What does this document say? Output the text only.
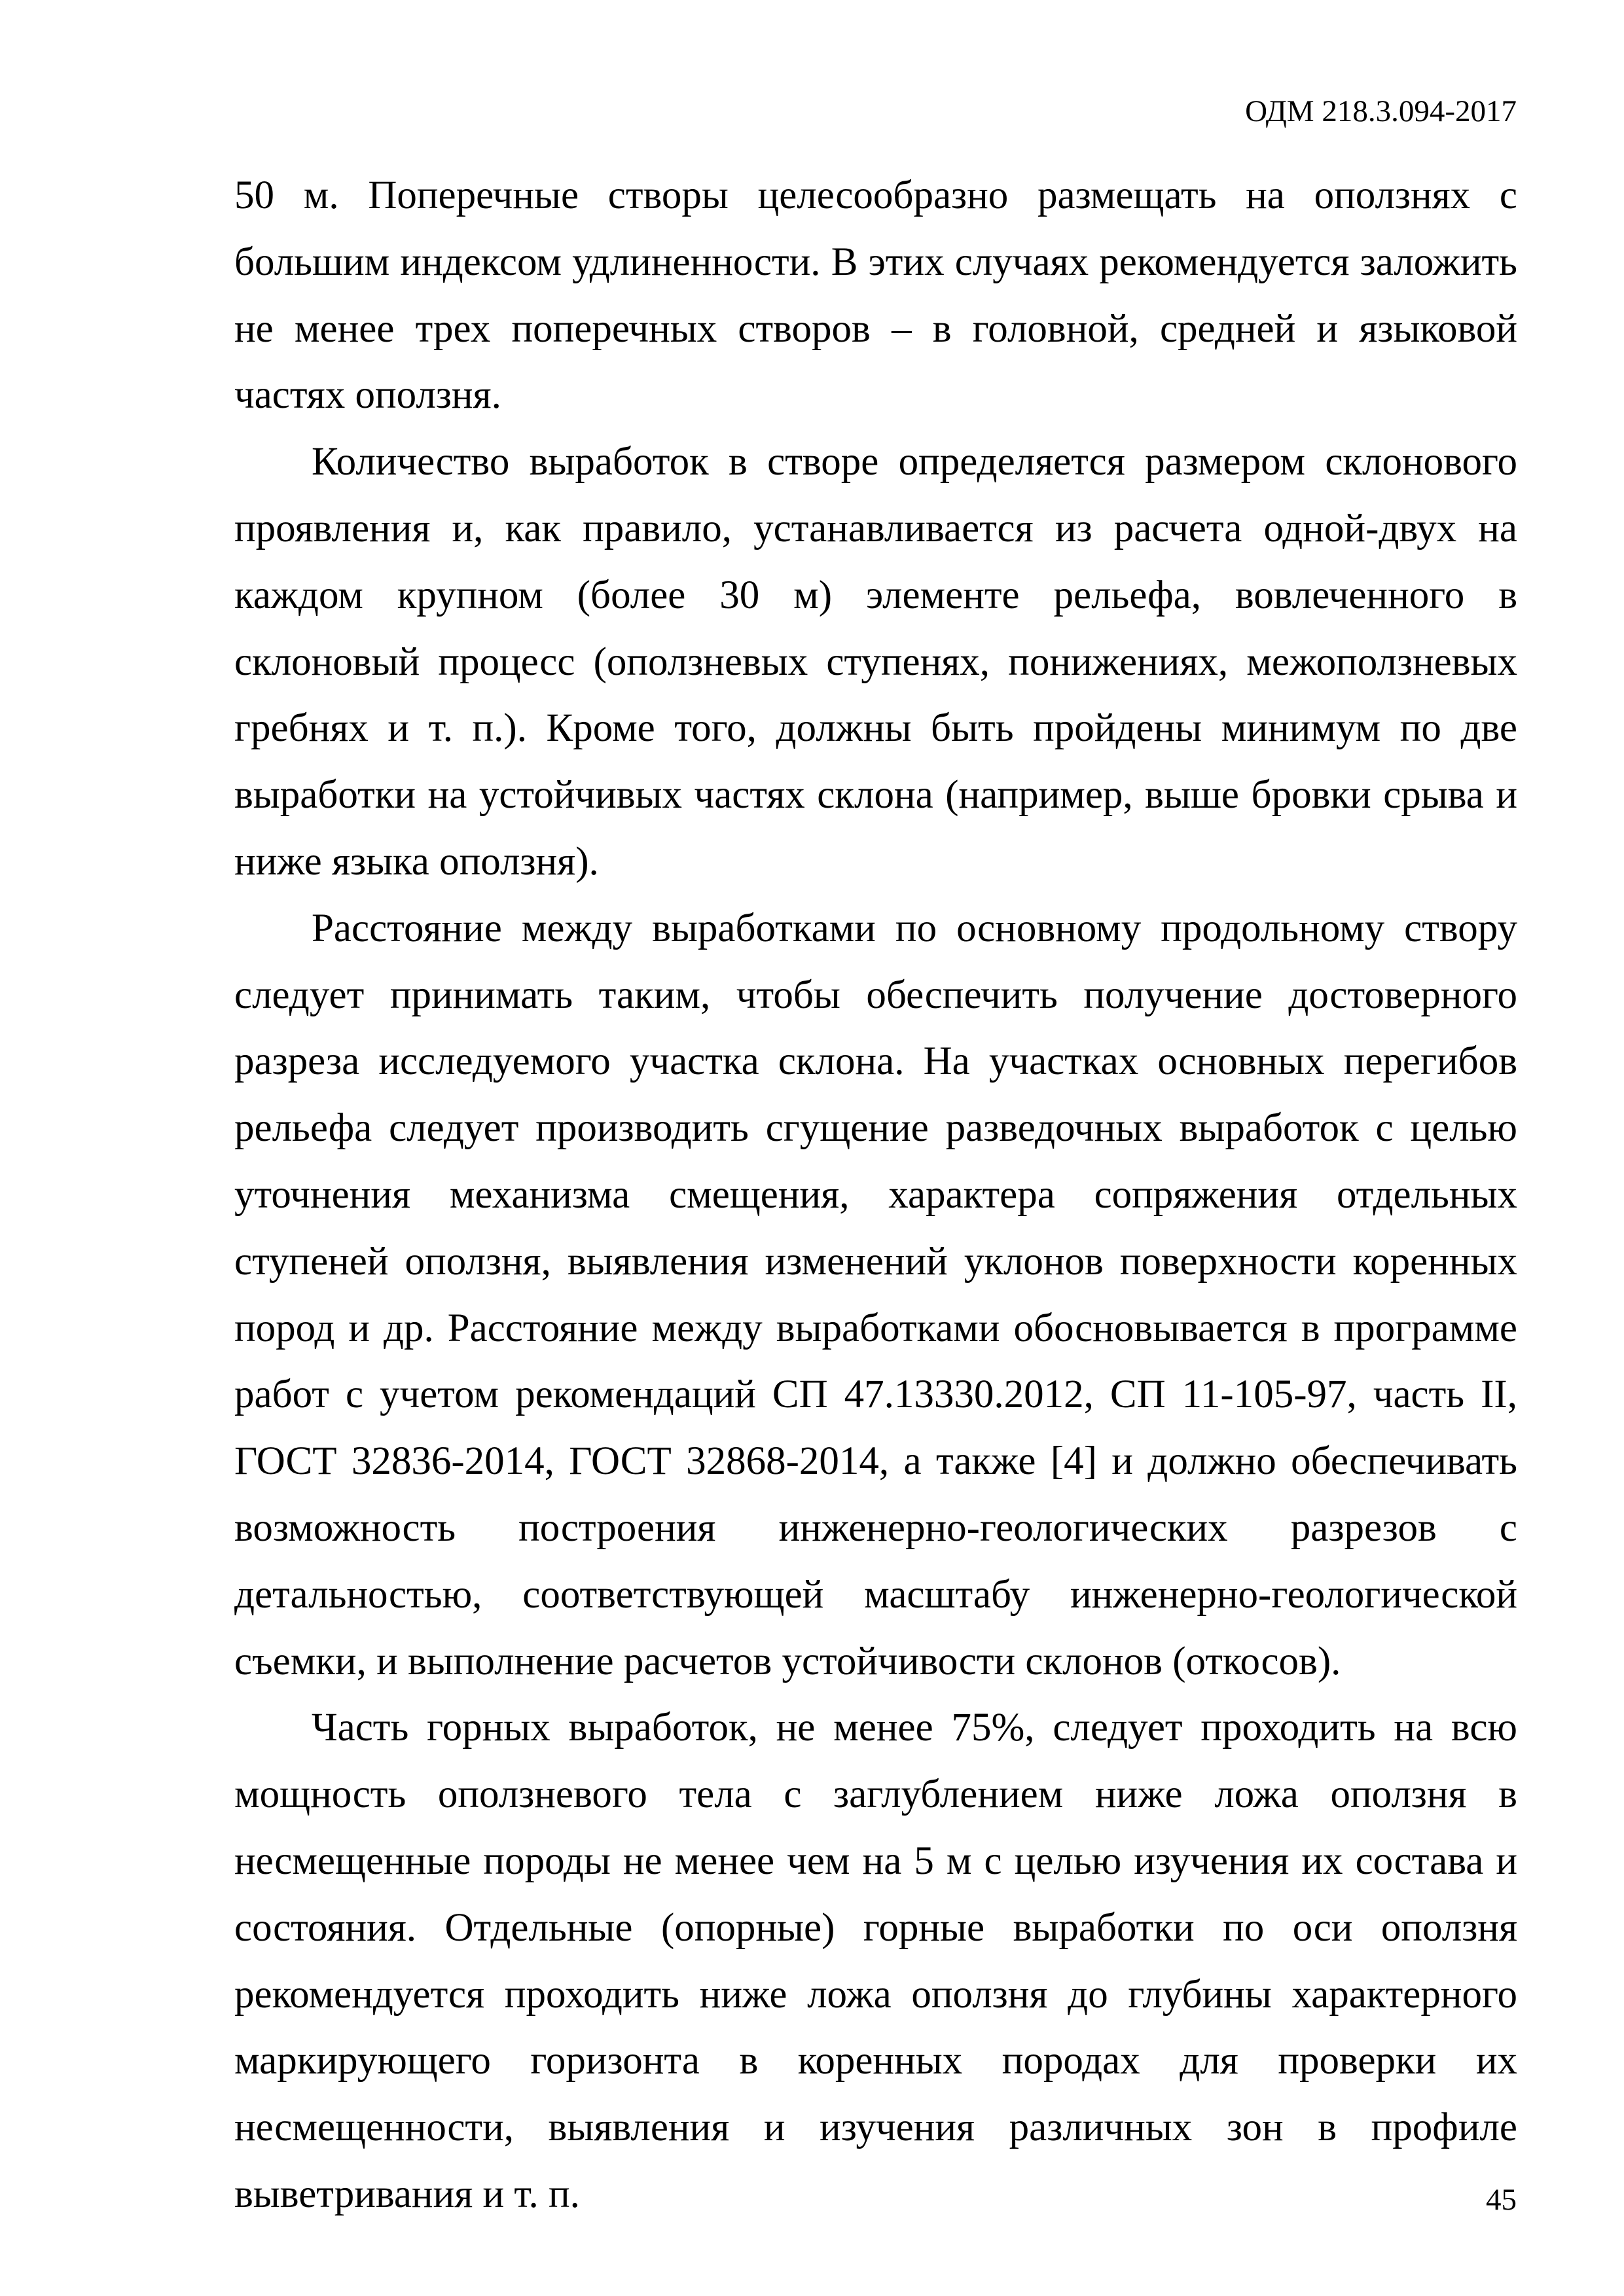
ОДМ 218.3.094-2017

50 м. Поперечные створы целесообразно размещать на оползнях с большим индексом удлиненности. В этих случаях рекомендуется заложить не менее трех поперечных створов – в головной, средней и языковой частях оползня.

Количество выработок в створе определяется размером склонового проявления и, как правило, устанавливается из расчета одной-двух на каждом крупном (более 30 м) элементе рельефа, вовлеченного в склоновый процесс (оползневых ступенях, понижениях, межоползневых гребнях и т. п.). Кроме того, должны быть пройдены минимум по две выработки на устойчивых частях склона (например, выше бровки срыва и ниже языка оползня).

Расстояние между выработками по основному продольному створу следует принимать таким, чтобы обеспечить получение достоверного разреза исследуемого участка склона. На участках основных перегибов рельефа следует производить сгущение разведочных выработок с целью уточнения механизма смещения, характера сопряжения отдельных ступеней оползня, выявления изменений уклонов поверхности коренных пород и др. Расстояние между выработками обосновывается в программе работ с учетом рекомендаций СП 47.13330.2012, СП 11-105-97, часть II, ГОСТ 32836-2014, ГОСТ 32868-2014, а также [4] и должно обеспечивать возможность построения инженерно-геологических разрезов с детальностью, соответствующей масштабу инженерно-геологической съемки, и выполнение расчетов устойчивости склонов (откосов).

Часть горных выработок, не менее 75%, следует проходить на всю мощность оползневого тела с заглублением ниже ложа оползня в несмещенные породы не менее чем на 5 м с целью изучения их состава и состояния. Отдельные (опорные) горные выработки по оси оползня рекомендуется проходить ниже ложа оползня до глубины характерного маркирующего горизонта в коренных породах для проверки их несмещенности, выявления и изучения различных зон в профиле выветривания и т. п.	45
